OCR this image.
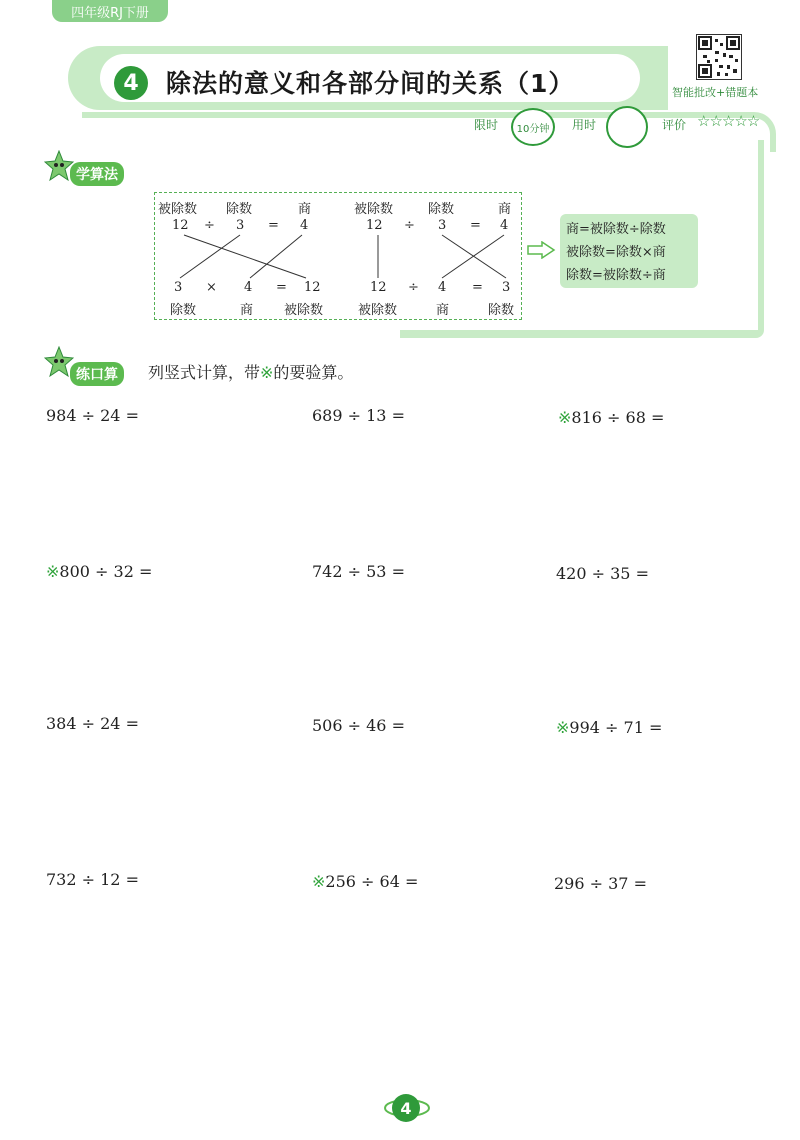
四年级RJ下册
4	除法的意义和各部分间的关系（1）	智能批改+错题本
限时	10分钟	用时	评价 ☆☆☆☆☆
学算法
被除数 除数	商
12 ÷ 3 = 4
3 × 4 = 12
除数	商 被除数
被除数	除数	商
12 ÷ 3 = 4
12 ÷ 4 = 3
被除数	商	除数
商=被除数÷除数
被除数=除数×商
除数=被除数÷商
练口算	列竖式计算，带※的要验算。
984 ÷ 24 =	689 ÷ 13 =	※816 ÷ 68 =
※800 ÷ 32 =	742 ÷ 53 =	420 ÷ 35 =
384 ÷ 24 =	506 ÷ 46 =	※994 ÷ 71 =
732 ÷ 12 =	※256 ÷ 64 =	296 ÷ 37 =
4
